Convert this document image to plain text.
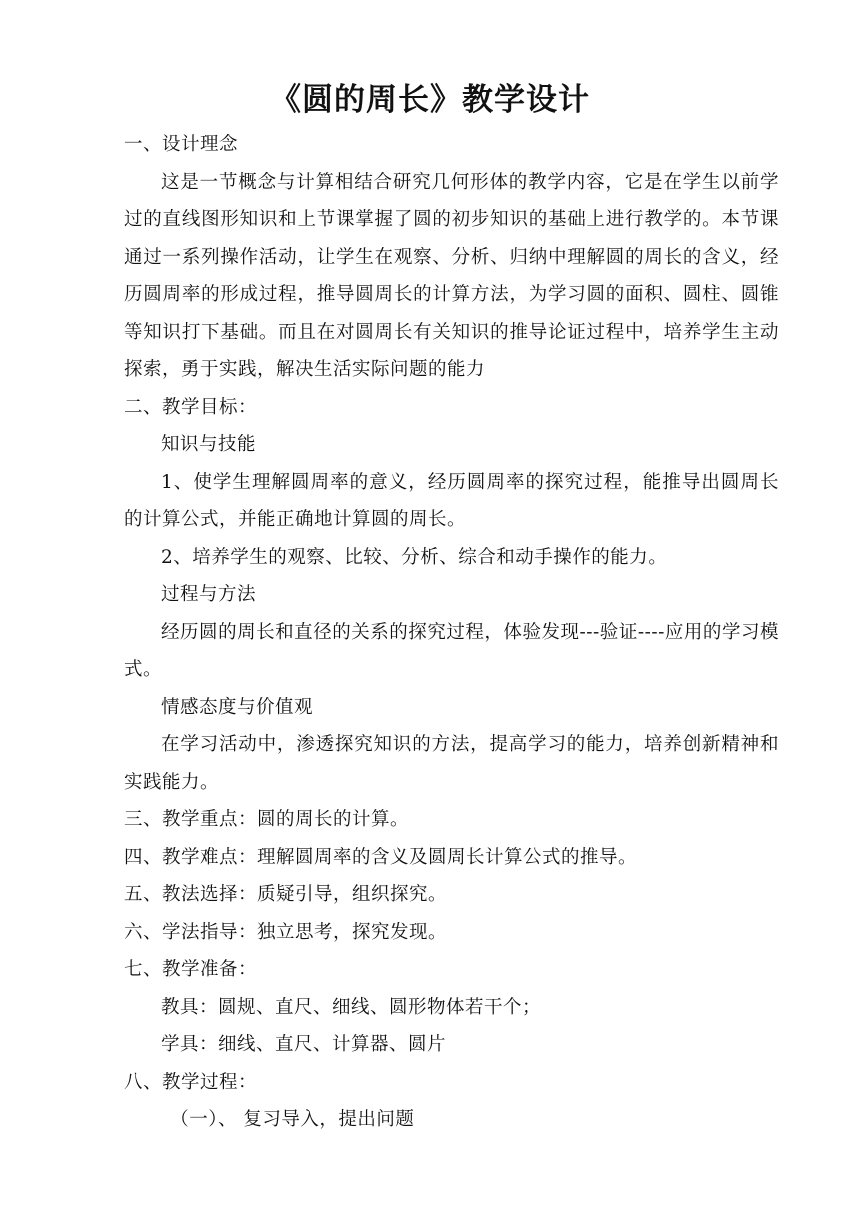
《圆的周长》教学设计

一、设计理念

这是一节概念与计算相结合研究几何形体的教学内容，它是在学生以前学过的直线图形知识和上节课掌握了圆的初步知识的基础上进行教学的。本节课通过一系列操作活动，让学生在观察、分析、归纳中理解圆的周长的含义，经历圆周率的形成过程，推导圆周长的计算方法，为学习圆的面积、圆柱、圆锥等知识打下基础。而且在对圆周长有关知识的推导论证过程中，培养学生主动探索，勇于实践，解决生活实际问题的能力

二、教学目标：

知识与技能

1、使学生理解圆周率的意义，经历圆周率的探究过程，能推导出圆周长的计算公式，并能正确地计算圆的周长。

2、培养学生的观察、比较、分析、综合和动手操作的能力。

过程与方法

经历圆的周长和直径的关系的探究过程，体验发现---验证----应用的学习模式。

情感态度与价值观

在学习活动中，渗透探究知识的方法，提高学习的能力，培养创新精神和实践能力。

三、教学重点：圆的周长的计算。

四、教学难点：理解圆周率的含义及圆周长计算公式的推导。

五、教法选择：质疑引导，组织探究。

六、学法指导：独立思考，探究发现。

七、教学准备：

教具：圆规、直尺、细线、圆形物体若干个；

学具：细线、直尺、计算器、圆片

八、教学过程：

（一）、 复习导入，提出问题
